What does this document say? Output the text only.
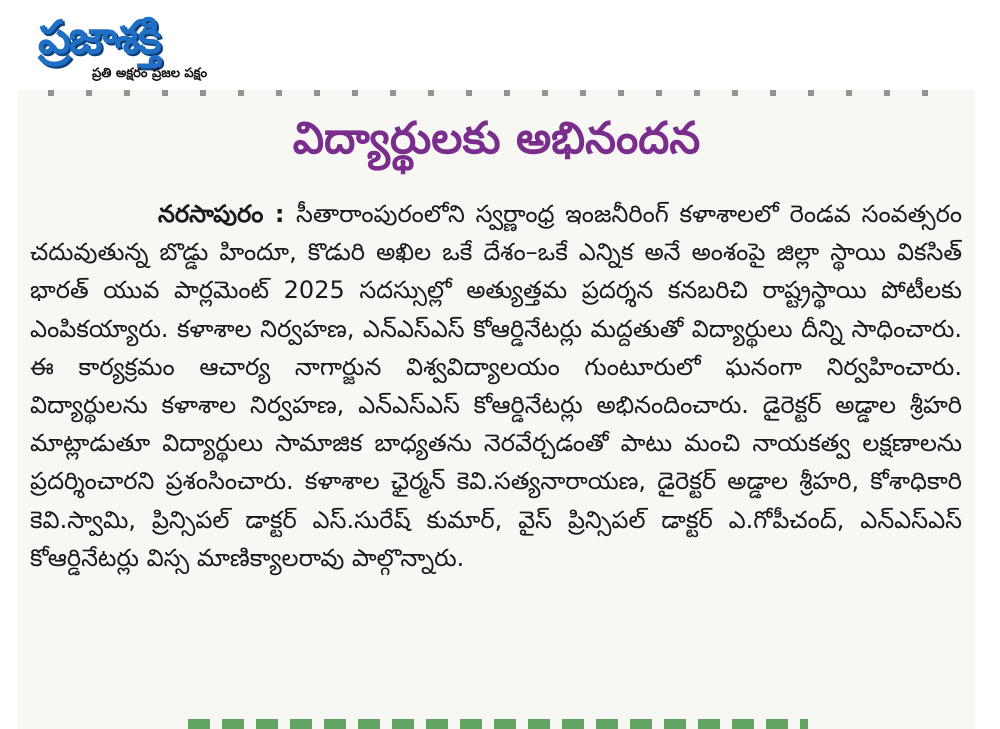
ప్రజాశక్తి
ప్రతి అక్షరం ప్రజల పక్షం
విద్యార్థులకు అభినందన
నరసాపురం : సీతారాంపురంలోని స్వర్ణాంధ్ర ఇంజనీరింగ్ కళాశాలలో రెండవ సంవత్సరం చదువుతున్న బొడ్డు హిందూ, కొడురి అఖిల ఒకే దేశం–ఒకే ఎన్నిక అనే అంశంపై జిల్లా స్థాయి వికసిత్ భారత్ యువ పార్లమెంట్ 2025 సదస్సుల్లో అత్యుత్తమ ప్రదర్శన కనబరిచి రాష్ట్రస్థాయి పోటీలకు ఎంపికయ్యారు. కళాశాల నిర్వహణ, ఎన్ఎస్ఎస్ కోఆర్డినేటర్లు మద్దతుతో విద్యార్థులు దీన్ని సాధించారు. ఈ కార్యక్రమం ఆచార్య నాగార్జున విశ్వవిద్యాలయం గుంటూరులో ఘనంగా నిర్వహించారు. విద్యార్థులను కళాశాల నిర్వహణ, ఎన్ఎస్ఎస్ కోఆర్డినేటర్లు అభినందించారు. డైరెక్టర్ అడ్డాల శ్రీహరి మాట్లాడుతూ విద్యార్థులు సామాజిక బాధ్యతను నెరవేర్చడంతో పాటు మంచి నాయకత్వ లక్షణాలను ప్రదర్శించారని ప్రశంసించారు. కళాశాల ఛైర్మన్ కెవి.సత్యనారాయణ, డైరెక్టర్ అడ్డాల శ్రీహరి, కోశాధికారి కెవి.స్వామి, ప్రిన్సిపల్ డాక్టర్ ఎస్.సురేష్ కుమార్, వైస్ ప్రిన్సిపల్ డాక్టర్ ఎ.గోపీచంద్, ఎన్ఎస్ఎస్ కోఆర్డినేటర్లు విస్స మాణిక్యాలరావు పాల్గొన్నారు.
